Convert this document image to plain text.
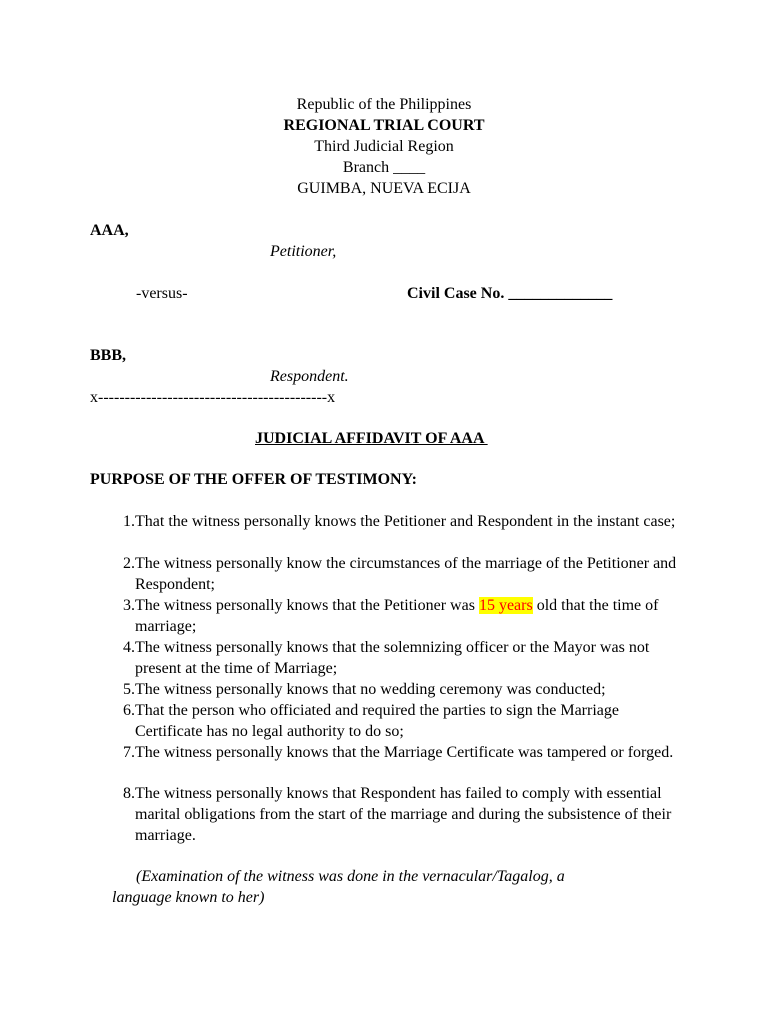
Republic of the Philippines
REGIONAL TRIAL COURT
Third Judicial Region
Branch ____
GUIMBA, NUEVA ECIJA
AAA,
Petitioner,
-versus-	Civil Case No. _____________
BBB,
Respondent.
x-------------------------------------------x
JUDICIAL AFFIDAVIT OF AAA
PURPOSE OF THE OFFER OF TESTIMONY:
1. That the witness personally knows the Petitioner and Respondent in the instant case;
2. The witness personally know the circumstances of the marriage of the Petitioner and Respondent;
3. The witness personally knows that the Petitioner was 15 years old that the time of marriage;
4. The witness personally knows that the solemnizing officer or the Mayor was not present at the time of Marriage;
5. The witness personally knows that no wedding ceremony was conducted;
6. That the person who officiated and required the parties to sign the Marriage Certificate has no legal authority to do so;
7. The witness personally knows that the Marriage Certificate was tampered or forged.
8. The witness personally knows that Respondent has failed to comply with essential marital obligations from the start of the marriage and during the subsistence of their marriage.
(Examination of the witness was done in the vernacular/Tagalog, a
language known to her)
